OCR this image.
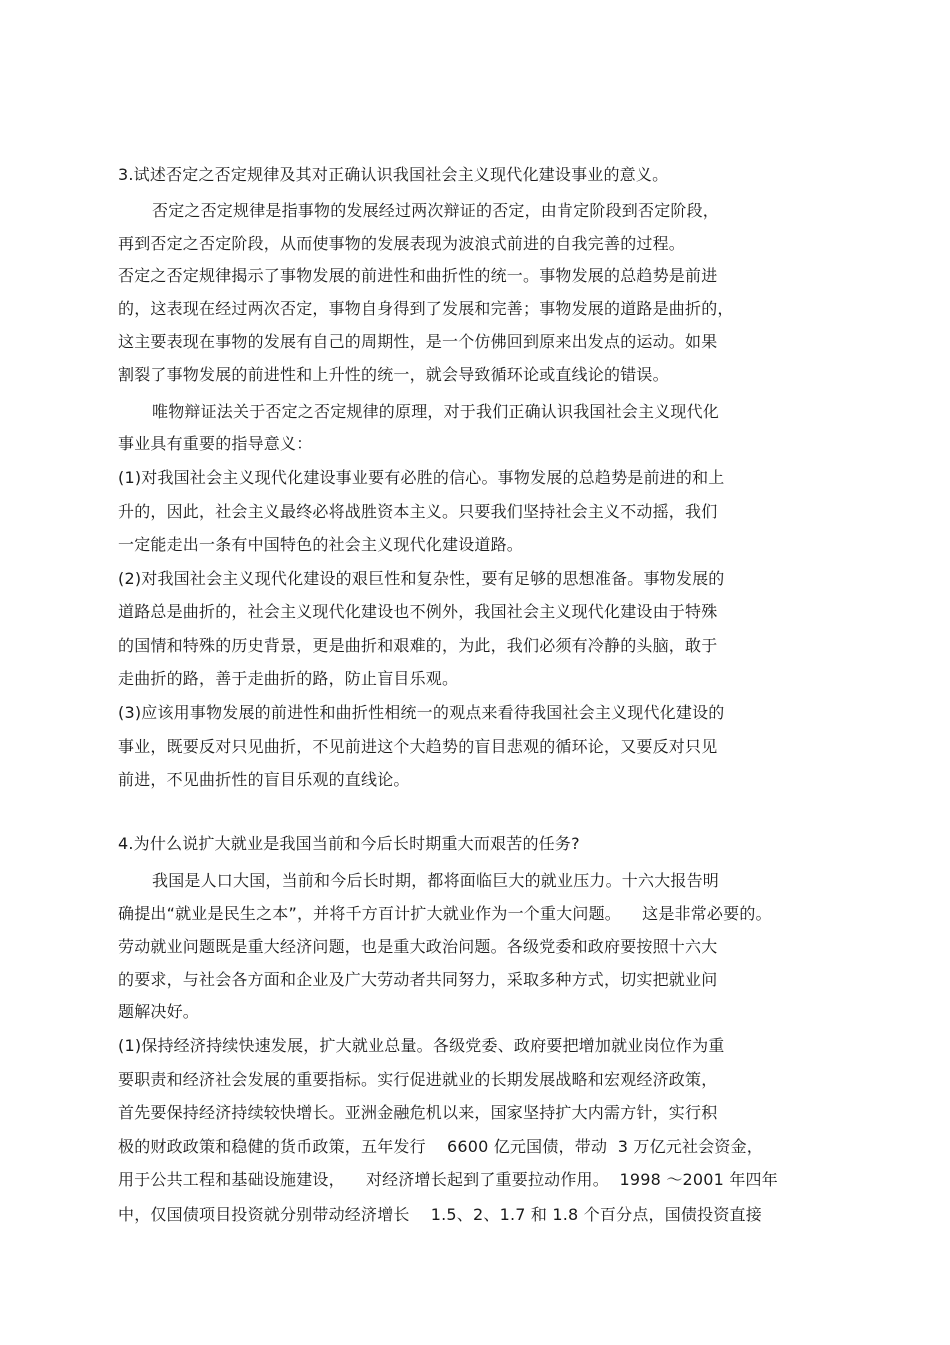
3.试述否定之否定规律及其对正确认识我国社会主义现代化建设事业的意义。
否定之否定规律是指事物的发展经过两次辩证的否定，由肯定阶段到否定阶段，
再到否定之否定阶段，从而使事物的发展表现为波浪式前进的自我完善的过程。
否定之否定规律揭示了事物发展的前进性和曲折性的统一。事物发展的总趋势是前进
的，这表现在经过两次否定，事物自身得到了发展和完善；事物发展的道路是曲折的，
这主要表现在事物的发展有自己的周期性，是一个仿佛回到原来出发点的运动。如果
割裂了事物发展的前进性和上升性的统一，就会导致循环论或直线论的错误。
唯物辩证法关于否定之否定规律的原理，对于我们正确认识我国社会主义现代化
事业具有重要的指导意义：
(1)对我国社会主义现代化建设事业要有必胜的信心。事物发展的总趋势是前进的和上
升的，因此，社会主义最终必将战胜资本主义。只要我们坚持社会主义不动摇，我们
一定能走出一条有中国特色的社会主义现代化建设道路。
(2)对我国社会主义现代化建设的艰巨性和复杂性，要有足够的思想准备。事物发展的
道路总是曲折的，社会主义现代化建设也不例外，我国社会主义现代化建设由于特殊
的国情和特殊的历史背景，更是曲折和艰难的，为此，我们必须有冷静的头脑，敢于
走曲折的路，善于走曲折的路，防止盲目乐观。
(3)应该用事物发展的前进性和曲折性相统一的观点来看待我国社会主义现代化建设的
事业，既要反对只见曲折，不见前进这个大趋势的盲目悲观的循环论，又要反对只见
前进，不见曲折性的盲目乐观的直线论。
4.为什么说扩大就业是我国当前和今后长时期重大而艰苦的任务?
我国是人口大国，当前和今后长时期，都将面临巨大的就业压力。十六大报告明
确提出“就业是民生之本”，并将千方百计扩大就业作为一个重大问题。    这是非常必要的。
劳动就业问题既是重大经济问题，也是重大政治问题。各级党委和政府要按照十六大
的要求，与社会各方面和企业及广大劳动者共同努力，采取多种方式，切实把就业问
题解决好。
(1)保持经济持续快速发展，扩大就业总量。各级党委、政府要把增加就业岗位作为重
要职责和经济社会发展的重要指标。实行促进就业的长期发展战略和宏观经济政策，
首先要保持经济持续较快增长。亚洲金融危机以来，国家坚持扩大内需方针，实行积
极的财政政策和稳健的货币政策，五年发行    6600 亿元国债，带动  3 万亿元社会资金，
用于公共工程和基础设施建设，    对经济增长起到了重要拉动作用。  1998 ～2001 年四年
中，仅国债项目投资就分别带动经济增长    1.5、2、1.7 和 1.8 个百分点，国债投资直接
